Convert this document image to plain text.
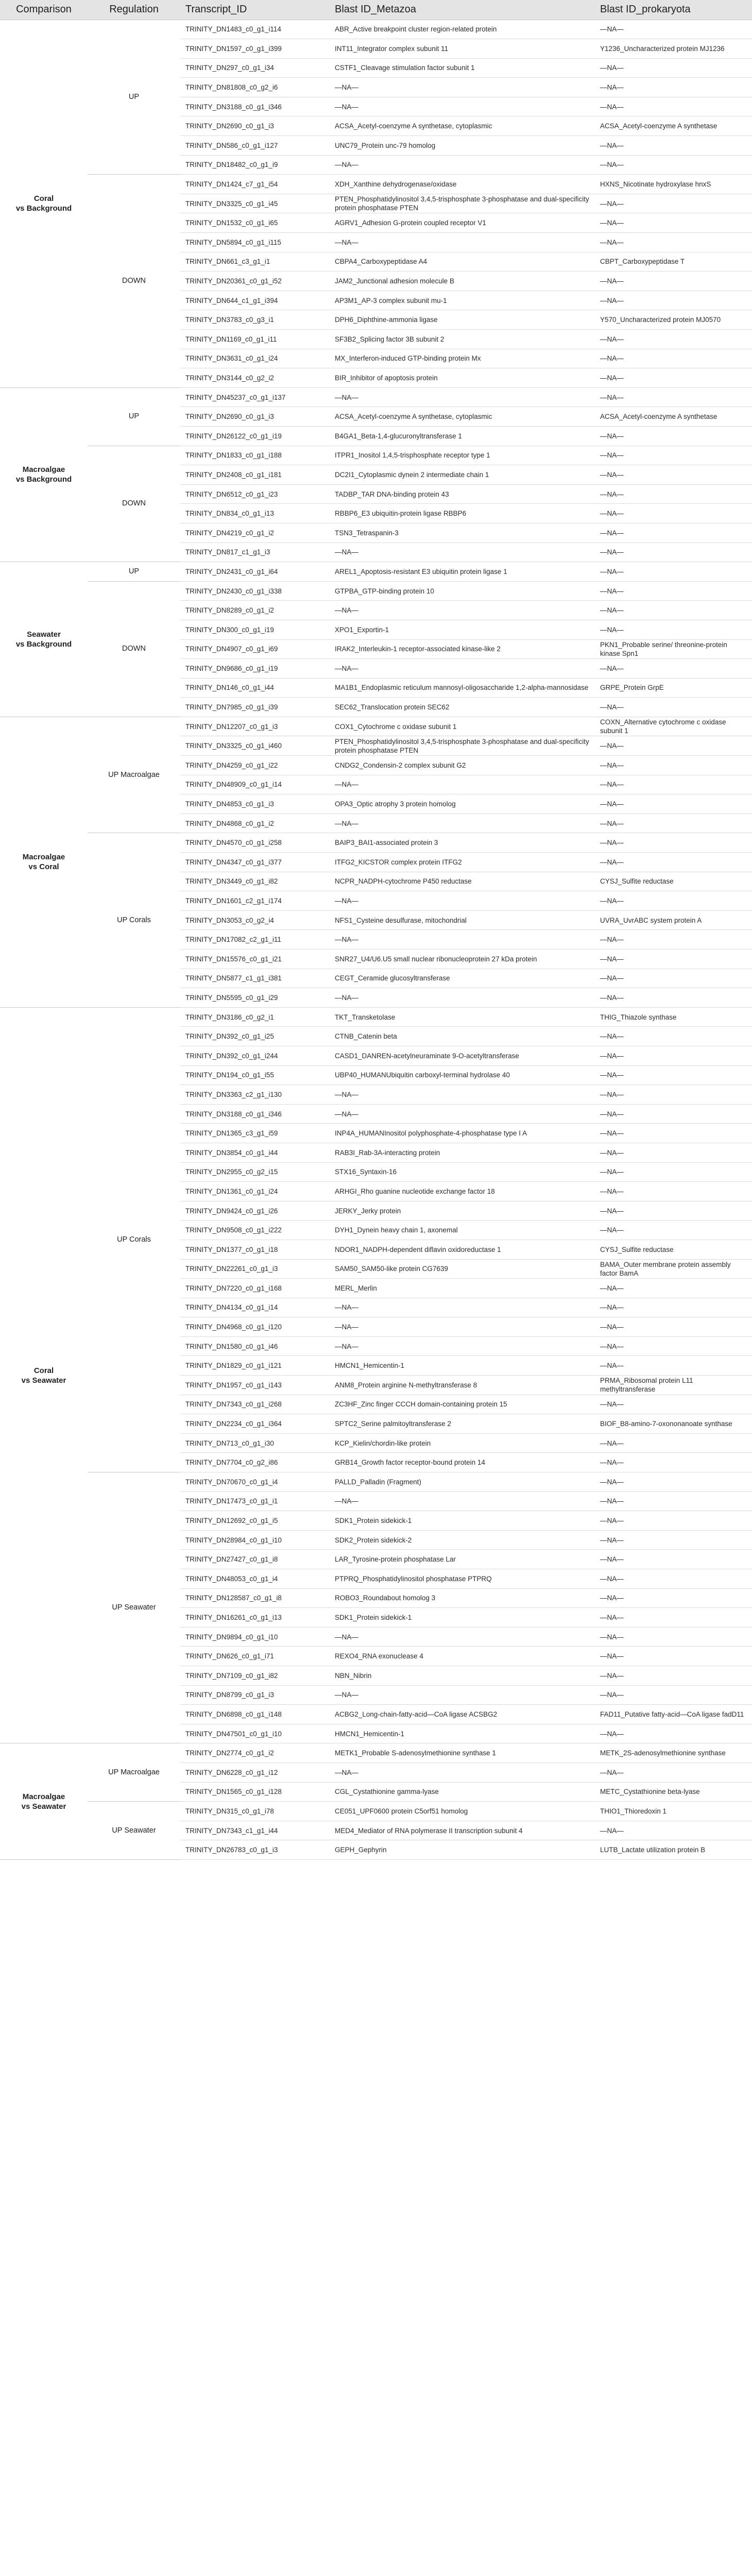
Comparison	Regulation	Transcript_ID	Blast ID_Metazoa	Blast ID_prokaryota
Coral
vs Background	UP	TRINITY_DN1483_c0_g1_i114	ABR_Active breakpoint cluster region-related protein	—NA—
		TRINITY_DN1597_c0_g1_i399	INT11_Integrator complex subunit 11	Y1236_Uncharacterized protein MJ1236
		TRINITY_DN297_c0_g1_i34	CSTF1_Cleavage stimulation factor subunit 1	—NA—
		TRINITY_DN81808_c0_g2_i6	—NA—	—NA—
		TRINITY_DN3188_c0_g1_i346	—NA—	—NA—
		TRINITY_DN2690_c0_g1_i3	ACSA_Acetyl-coenzyme A synthetase, cytoplasmic	ACSA_Acetyl-coenzyme A synthetase
		TRINITY_DN586_c0_g1_i127	UNC79_Protein unc-79 homolog	—NA—
		TRINITY_DN18482_c0_g1_i9	—NA—	—NA—
	DOWN	TRINITY_DN1424_c7_g1_i54	XDH_Xanthine dehydrogenase/oxidase	HXNS_Nicotinate hydroxylase hnxS
		TRINITY_DN3325_c0_g1_i45	PTEN_Phosphatidylinositol 3,4,5-trisphosphate 3-phosphatase and dual-specificity protein phosphatase PTEN	—NA—
		TRINITY_DN1532_c0_g1_i65	AGRV1_Adhesion G-protein coupled receptor V1	—NA—
		TRINITY_DN5894_c0_g1_i115	—NA—	—NA—
		TRINITY_DN661_c3_g1_i1	CBPA4_Carboxypeptidase A4	CBPT_Carboxypeptidase T
		TRINITY_DN20361_c0_g1_i52	JAM2_Junctional adhesion molecule B	—NA—
		TRINITY_DN644_c1_g1_i394	AP3M1_AP-3 complex subunit mu-1	—NA—
		TRINITY_DN3783_c0_g3_i1	DPH6_Diphthine-ammonia ligase	Y570_Uncharacterized protein MJ0570
		TRINITY_DN1169_c0_g1_i11	SF3B2_Splicing factor 3B subunit 2	—NA—
		TRINITY_DN3631_c0_g1_i24	MX_Interferon-induced GTP-binding protein Mx	—NA—
		TRINITY_DN3144_c0_g2_i2	BIR_Inhibitor of apoptosis protein	—NA—
Macroalgae
vs Background	UP	TRINITY_DN45237_c0_g1_i137	—NA—	—NA—
		TRINITY_DN2690_c0_g1_i3	ACSA_Acetyl-coenzyme A synthetase, cytoplasmic	ACSA_Acetyl-coenzyme A synthetase
		TRINITY_DN26122_c0_g1_i19	B4GA1_Beta-1,4-glucuronyltransferase 1	—NA—
	DOWN	TRINITY_DN1833_c0_g1_i188	ITPR1_Inositol 1,4,5-trisphosphate receptor type 1	—NA—
		TRINITY_DN2408_c0_g1_i181	DC2I1_Cytoplasmic dynein 2 intermediate chain 1	—NA—
		TRINITY_DN6512_c0_g1_i23	TADBP_TAR DNA-binding protein 43	—NA—
		TRINITY_DN834_c0_g1_i13	RBBP6_E3 ubiquitin-protein ligase RBBP6	—NA—
		TRINITY_DN4219_c0_g1_i2	TSN3_Tetraspanin-3	—NA—
		TRINITY_DN817_c1_g1_i3	—NA—	—NA—
Seawater
vs Background	UP	TRINITY_DN2431_c0_g1_i64	AREL1_Apoptosis-resistant E3 ubiquitin protein ligase 1	—NA—
	DOWN	TRINITY_DN2430_c0_g1_i338	GTPBA_GTP-binding protein 10	—NA—
		TRINITY_DN8289_c0_g1_i2	—NA—	—NA—
		TRINITY_DN300_c0_g1_i19	XPO1_Exportin-1	—NA—
		TRINITY_DN4907_c0_g1_i69	IRAK2_Interleukin-1 receptor-associated kinase-like 2	PKN1_Probable serine/ threonine-protein kinase Spn1
		TRINITY_DN9686_c0_g1_i19	—NA—	—NA—
		TRINITY_DN146_c0_g1_i44	MA1B1_Endoplasmic reticulum mannosyl-oligosaccharide 1,2-alpha-mannosidase	GRPE_Protein GrpE
		TRINITY_DN7985_c0_g1_i39	SEC62_Translocation protein SEC62	—NA—
Macroalgae
vs Coral	UP Macroalgae	TRINITY_DN12207_c0_g1_i3	COX1_Cytochrome c oxidase subunit 1	COXN_Alternative cytochrome c oxidase subunit 1
		TRINITY_DN3325_c0_g1_i460	PTEN_Phosphatidylinositol 3,4,5-trisphosphate 3-phosphatase and dual-specificity protein phosphatase PTEN	—NA—
		TRINITY_DN4259_c0_g1_i22	CNDG2_Condensin-2 complex subunit G2	—NA—
		TRINITY_DN48909_c0_g1_i14	—NA—	—NA—
		TRINITY_DN4853_c0_g1_i3	OPA3_Optic atrophy 3 protein homolog	—NA—
		TRINITY_DN4868_c0_g1_i2	—NA—	—NA—
	UP Corals	TRINITY_DN4570_c0_g1_i258	BAIP3_BAI1-associated protein 3	—NA—
		TRINITY_DN4347_c0_g1_i377	ITFG2_KICSTOR complex protein ITFG2	—NA—
		TRINITY_DN3449_c0_g1_i82	NCPR_NADPH-cytochrome P450 reductase	CYSJ_Sulfite reductase
		TRINITY_DN1601_c2_g1_i174	—NA—	—NA—
		TRINITY_DN3053_c0_g2_i4	NFS1_Cysteine desulfurase, mitochondrial	UVRA_UvrABC system protein A
		TRINITY_DN17082_c2_g1_i11	—NA—	—NA—
		TRINITY_DN15576_c0_g1_i21	SNR27_U4/U6.U5 small nuclear ribonucleoprotein 27 kDa protein	—NA—
		TRINITY_DN5877_c1_g1_i381	CEGT_Ceramide glucosyltransferase	—NA—
		TRINITY_DN5595_c0_g1_i29	—NA—	—NA—
Coral
vs Seawater	UP Corals	TRINITY_DN3186_c0_g2_i1	TKT_Transketolase	THIG_Thiazole synthase
		TRINITY_DN392_c0_g1_i25	CTNB_Catenin beta	—NA—
		TRINITY_DN392_c0_g1_i244	CASD1_DANREN-acetylneuraminate 9-O-acetyltransferase	—NA—
		TRINITY_DN194_c0_g1_i55	UBP40_HUMANUbiquitin carboxyl-terminal hydrolase 40	—NA—
		TRINITY_DN3363_c2_g1_i130	—NA—	—NA—
		TRINITY_DN3188_c0_g1_i346	—NA—	—NA—
		TRINITY_DN1365_c3_g1_i59	INP4A_HUMANInositol polyphosphate-4-phosphatase type I A	—NA—
		TRINITY_DN3854_c0_g1_i44	RAB3I_Rab-3A-interacting protein	—NA—
		TRINITY_DN2955_c0_g2_i15	STX16_Syntaxin-16	—NA—
		TRINITY_DN1361_c0_g1_i24	ARHGI_Rho guanine nucleotide exchange factor 18	—NA—
		TRINITY_DN9424_c0_g1_i26	JERKY_Jerky protein	—NA—
		TRINITY_DN9508_c0_g1_i222	DYH1_Dynein heavy chain 1, axonemal	—NA—
		TRINITY_DN1377_c0_g1_i18	NDOR1_NADPH-dependent diflavin oxidoreductase 1	CYSJ_Sulfite reductase
		TRINITY_DN22261_c0_g1_i3	SAM50_SAM50-like protein CG7639	BAMA_Outer membrane protein assembly factor BamA
		TRINITY_DN7220_c0_g1_i168	MERL_Merlin	—NA—
		TRINITY_DN4134_c0_g1_i14	—NA—	—NA—
		TRINITY_DN4968_c0_g1_i120	—NA—	—NA—
		TRINITY_DN1580_c0_g1_i46	—NA—	—NA—
		TRINITY_DN1829_c0_g1_i121	HMCN1_Hemicentin-1	—NA—
		TRINITY_DN1957_c0_g1_i143	ANM8_Protein arginine N-methyltransferase 8	PRMA_Ribosomal protein L11 methyltransferase
		TRINITY_DN7343_c0_g1_i268	ZC3HF_Zinc finger CCCH domain-containing protein 15	—NA—
		TRINITY_DN2234_c0_g1_i364	SPTC2_Serine palmitoyltransferase 2	BIOF_B8-amino-7-oxononanoate synthase
		TRINITY_DN713_c0_g1_i30	KCP_Kielin/chordin-like protein	—NA—
		TRINITY_DN7704_c0_g2_i86	GRB14_Growth factor receptor-bound protein 14	—NA—
	UP Seawater	TRINITY_DN70670_c0_g1_i4	PALLD_Palladin (Fragment)	—NA—
		TRINITY_DN17473_c0_g1_i1	—NA—	—NA—
		TRINITY_DN12692_c0_g1_i5	SDK1_Protein sidekick-1	—NA—
		TRINITY_DN28984_c0_g1_i10	SDK2_Protein sidekick-2	—NA—
		TRINITY_DN27427_c0_g1_i8	LAR_Tyrosine-protein phosphatase Lar	—NA—
		TRINITY_DN48053_c0_g1_i4	PTPRQ_Phosphatidylinositol phosphatase PTPRQ	—NA—
		TRINITY_DN128587_c0_g1_i8	ROBO3_Roundabout homolog 3	—NA—
		TRINITY_DN16261_c0_g1_i13	SDK1_Protein sidekick-1	—NA—
		TRINITY_DN9894_c0_g1_i10	—NA—	—NA—
		TRINITY_DN626_c0_g1_i71	REXO4_RNA exonuclease 4	—NA—
		TRINITY_DN7109_c0_g1_i82	NBN_Nibrin	—NA—
		TRINITY_DN8799_c0_g1_i3	—NA—	—NA—
		TRINITY_DN6898_c0_g1_i148	ACBG2_Long-chain-fatty-acid—CoA ligase ACSBG2	FAD11_Putative fatty-acid—CoA ligase fadD11
		TRINITY_DN47501_c0_g1_i10	HMCN1_Hemicentin-1	—NA—
Macroalgae
vs Seawater	UP Macroalgae	TRINITY_DN2774_c0_g1_i2	METK1_Probable S-adenosylmethionine synthase 1	METK_2S-adenosylmethionine synthase
		TRINITY_DN6228_c0_g1_i12	—NA—	—NA—
		TRINITY_DN1565_c0_g1_i128	CGL_Cystathionine gamma-lyase	METC_Cystathionine beta-lyase
	UP Seawater	TRINITY_DN315_c0_g1_i78	CE051_UPF0600 protein C5orf51 homolog	THIO1_Thioredoxin 1
		TRINITY_DN7343_c1_g1_i44	MED4_Mediator of RNA polymerase II transcription subunit 4	—NA—
		TRINITY_DN26783_c0_g1_i3	GEPH_Gephyrin	LUTB_Lactate utilization protein B
